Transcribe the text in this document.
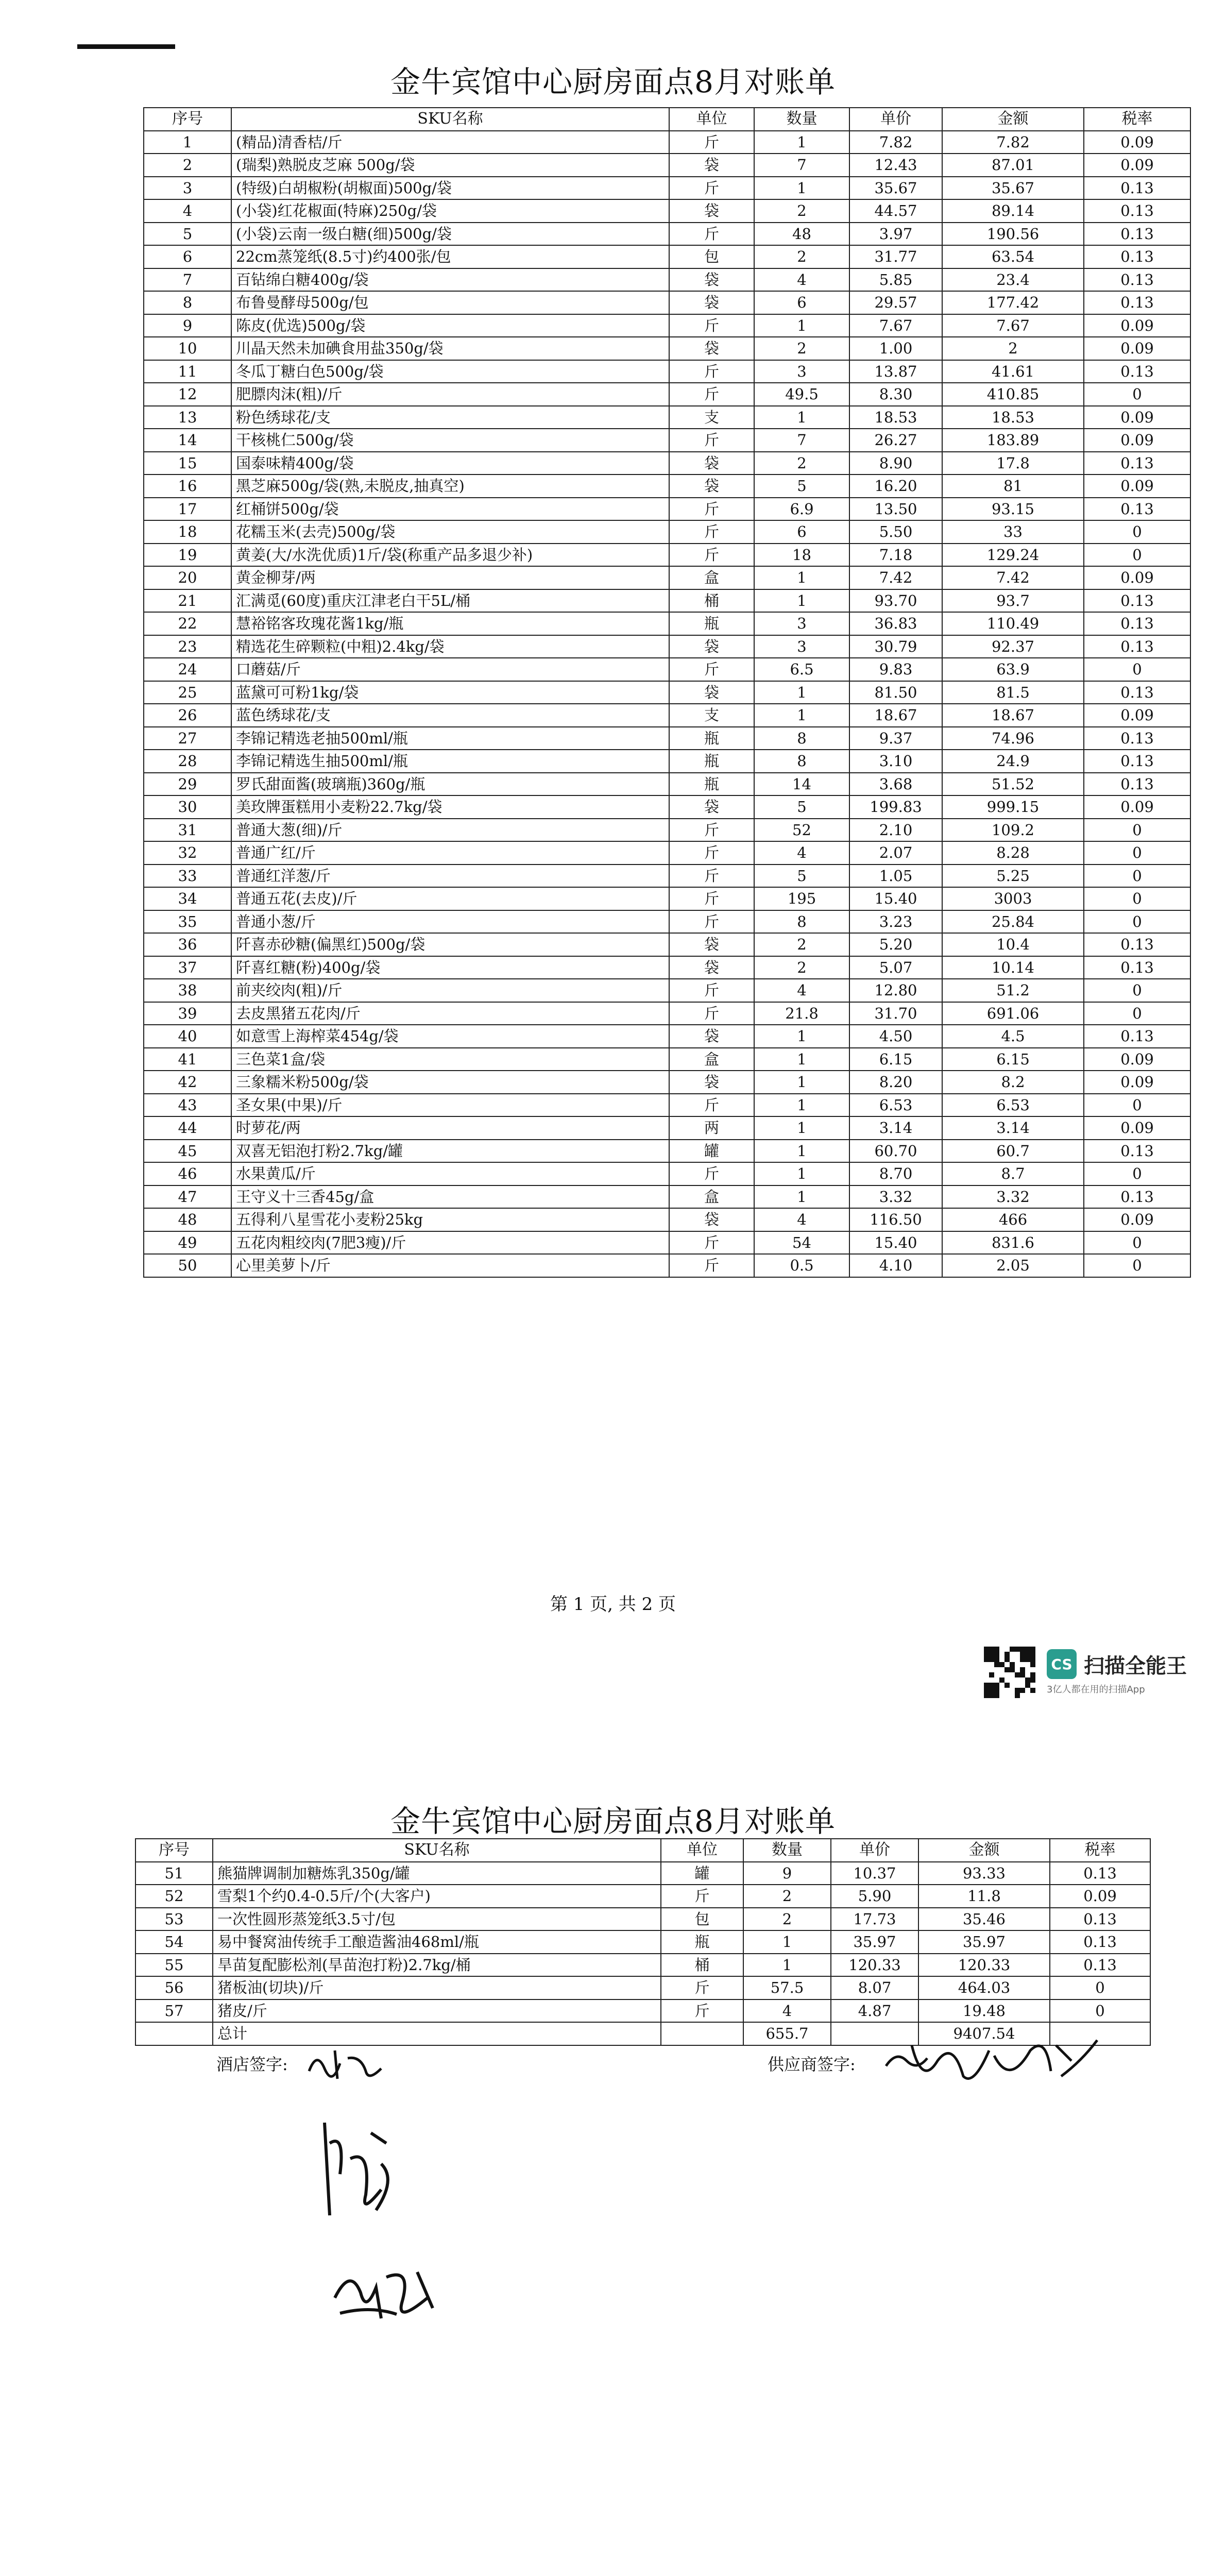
金牛宾馆中心厨房面点8月对账单
序号	SKU名称	单位	数量	单价	金额	税率
1	(精品)清香桔/斤	斤	1	7.82	7.82	0.09
2	(瑞梨)熟脱皮芝麻 500g/袋	袋	7	12.43	87.01	0.09
3	(特级)白胡椒粉(胡椒面)500g/袋	斤	1	35.67	35.67	0.13
4	(小袋)红花椒面(特麻)250g/袋	袋	2	44.57	89.14	0.13
5	(小袋)云南一级白糖(细)500g/袋	斤	48	3.97	190.56	0.13
6	22cm蒸笼纸(8.5寸)约400张/包	包	2	31.77	63.54	0.13
7	百钻绵白糖400g/袋	袋	4	5.85	23.4	0.13
8	布鲁曼酵母500g/包	袋	6	29.57	177.42	0.13
9	陈皮(优选)500g/袋	斤	1	7.67	7.67	0.09
10	川晶天然未加碘食用盐350g/袋	袋	2	1.00	2	0.09
11	冬瓜丁糖白色500g/袋	斤	3	13.87	41.61	0.13
12	肥膘肉沫(粗)/斤	斤	49.5	8.30	410.85	0
13	粉色绣球花/支	支	1	18.53	18.53	0.09
14	干核桃仁500g/袋	斤	7	26.27	183.89	0.09
15	国泰味精400g/袋	袋	2	8.90	17.8	0.13
16	黑芝麻500g/袋(熟,未脱皮,抽真空)	袋	5	16.20	81	0.09
17	红桶饼500g/袋	斤	6.9	13.50	93.15	0.13
18	花糯玉米(去壳)500g/袋	斤	6	5.50	33	0
19	黄姜(大/水洗优质)1斤/袋(称重产品多退少补)	斤	18	7.18	129.24	0
20	黄金柳芽/两	盒	1	7.42	7.42	0.09
21	汇满觅(60度)重庆江津老白干5L/桶	桶	1	93.70	93.7	0.13
22	慧裕铭客玫瑰花酱1kg/瓶	瓶	3	36.83	110.49	0.13
23	精选花生碎颗粒(中粗)2.4kg/袋	袋	3	30.79	92.37	0.13
24	口蘑菇/斤	斤	6.5	9.83	63.9	0
25	蓝黛可可粉1kg/袋	袋	1	81.50	81.5	0.13
26	蓝色绣球花/支	支	1	18.67	18.67	0.09
27	李锦记精选老抽500ml/瓶	瓶	8	9.37	74.96	0.13
28	李锦记精选生抽500ml/瓶	瓶	8	3.10	24.9	0.13
29	罗氏甜面酱(玻璃瓶)360g/瓶	瓶	14	3.68	51.52	0.13
30	美玫牌蛋糕用小麦粉22.7kg/袋	袋	5	199.83	999.15	0.09
31	普通大葱(细)/斤	斤	52	2.10	109.2	0
32	普通广红/斤	斤	4	2.07	8.28	0
33	普通红洋葱/斤	斤	5	1.05	5.25	0
34	普通五花(去皮)/斤	斤	195	15.40	3003	0
35	普通小葱/斤	斤	8	3.23	25.84	0
36	阡喜赤砂糖(偏黑红)500g/袋	袋	2	5.20	10.4	0.13
37	阡喜红糖(粉)400g/袋	袋	2	5.07	10.14	0.13
38	前夹绞肉(粗)/斤	斤	4	12.80	51.2	0
39	去皮黑猪五花肉/斤	斤	21.8	31.70	691.06	0
40	如意雪上海榨菜454g/袋	袋	1	4.50	4.5	0.13
41	三色菜1盒/袋	盒	1	6.15	6.15	0.09
42	三象糯米粉500g/袋	袋	1	8.20	8.2	0.09
43	圣女果(中果)/斤	斤	1	6.53	6.53	0
44	时萝花/两	两	1	3.14	3.14	0.09
45	双喜无铝泡打粉2.7kg/罐	罐	1	60.70	60.7	0.13
46	水果黄瓜/斤	斤	1	8.70	8.7	0
47	王守义十三香45g/盒	盒	1	3.32	3.32	0.13
48	五得利八星雪花小麦粉25kg	袋	4	116.50	466	0.09
49	五花肉粗绞肉(7肥3瘦)/斤	斤	54	15.40	831.6	0
50	心里美萝卜/斤	斤	0.5	4.10	2.05	0
第 1 页, 共 2 页
CS 扫描全能王
3亿人都在用的扫描App
金牛宾馆中心厨房面点8月对账单
序号	SKU名称	单位	数量	单价	金额	税率
51	熊猫牌调制加糖炼乳350g/罐	罐	9	10.37	93.33	0.13
52	雪梨1个约0.4-0.5斤/个(大客户)	斤	2	5.90	11.8	0.09
53	一次性圆形蒸笼纸3.5寸/包	包	2	17.73	35.46	0.13
54	易中餐窝油传统手工酿造酱油468ml/瓶	瓶	1	35.97	35.97	0.13
55	旱苗复配膨松剂(旱苗泡打粉)2.7kg/桶	桶	1	120.33	120.33	0.13
56	猪板油(切块)/斤	斤	57.5	8.07	464.03	0
57	猪皮/斤	斤	4	4.87	19.48	0
	总计		655.7		9407.54	
酒店签字:	供应商签字:
